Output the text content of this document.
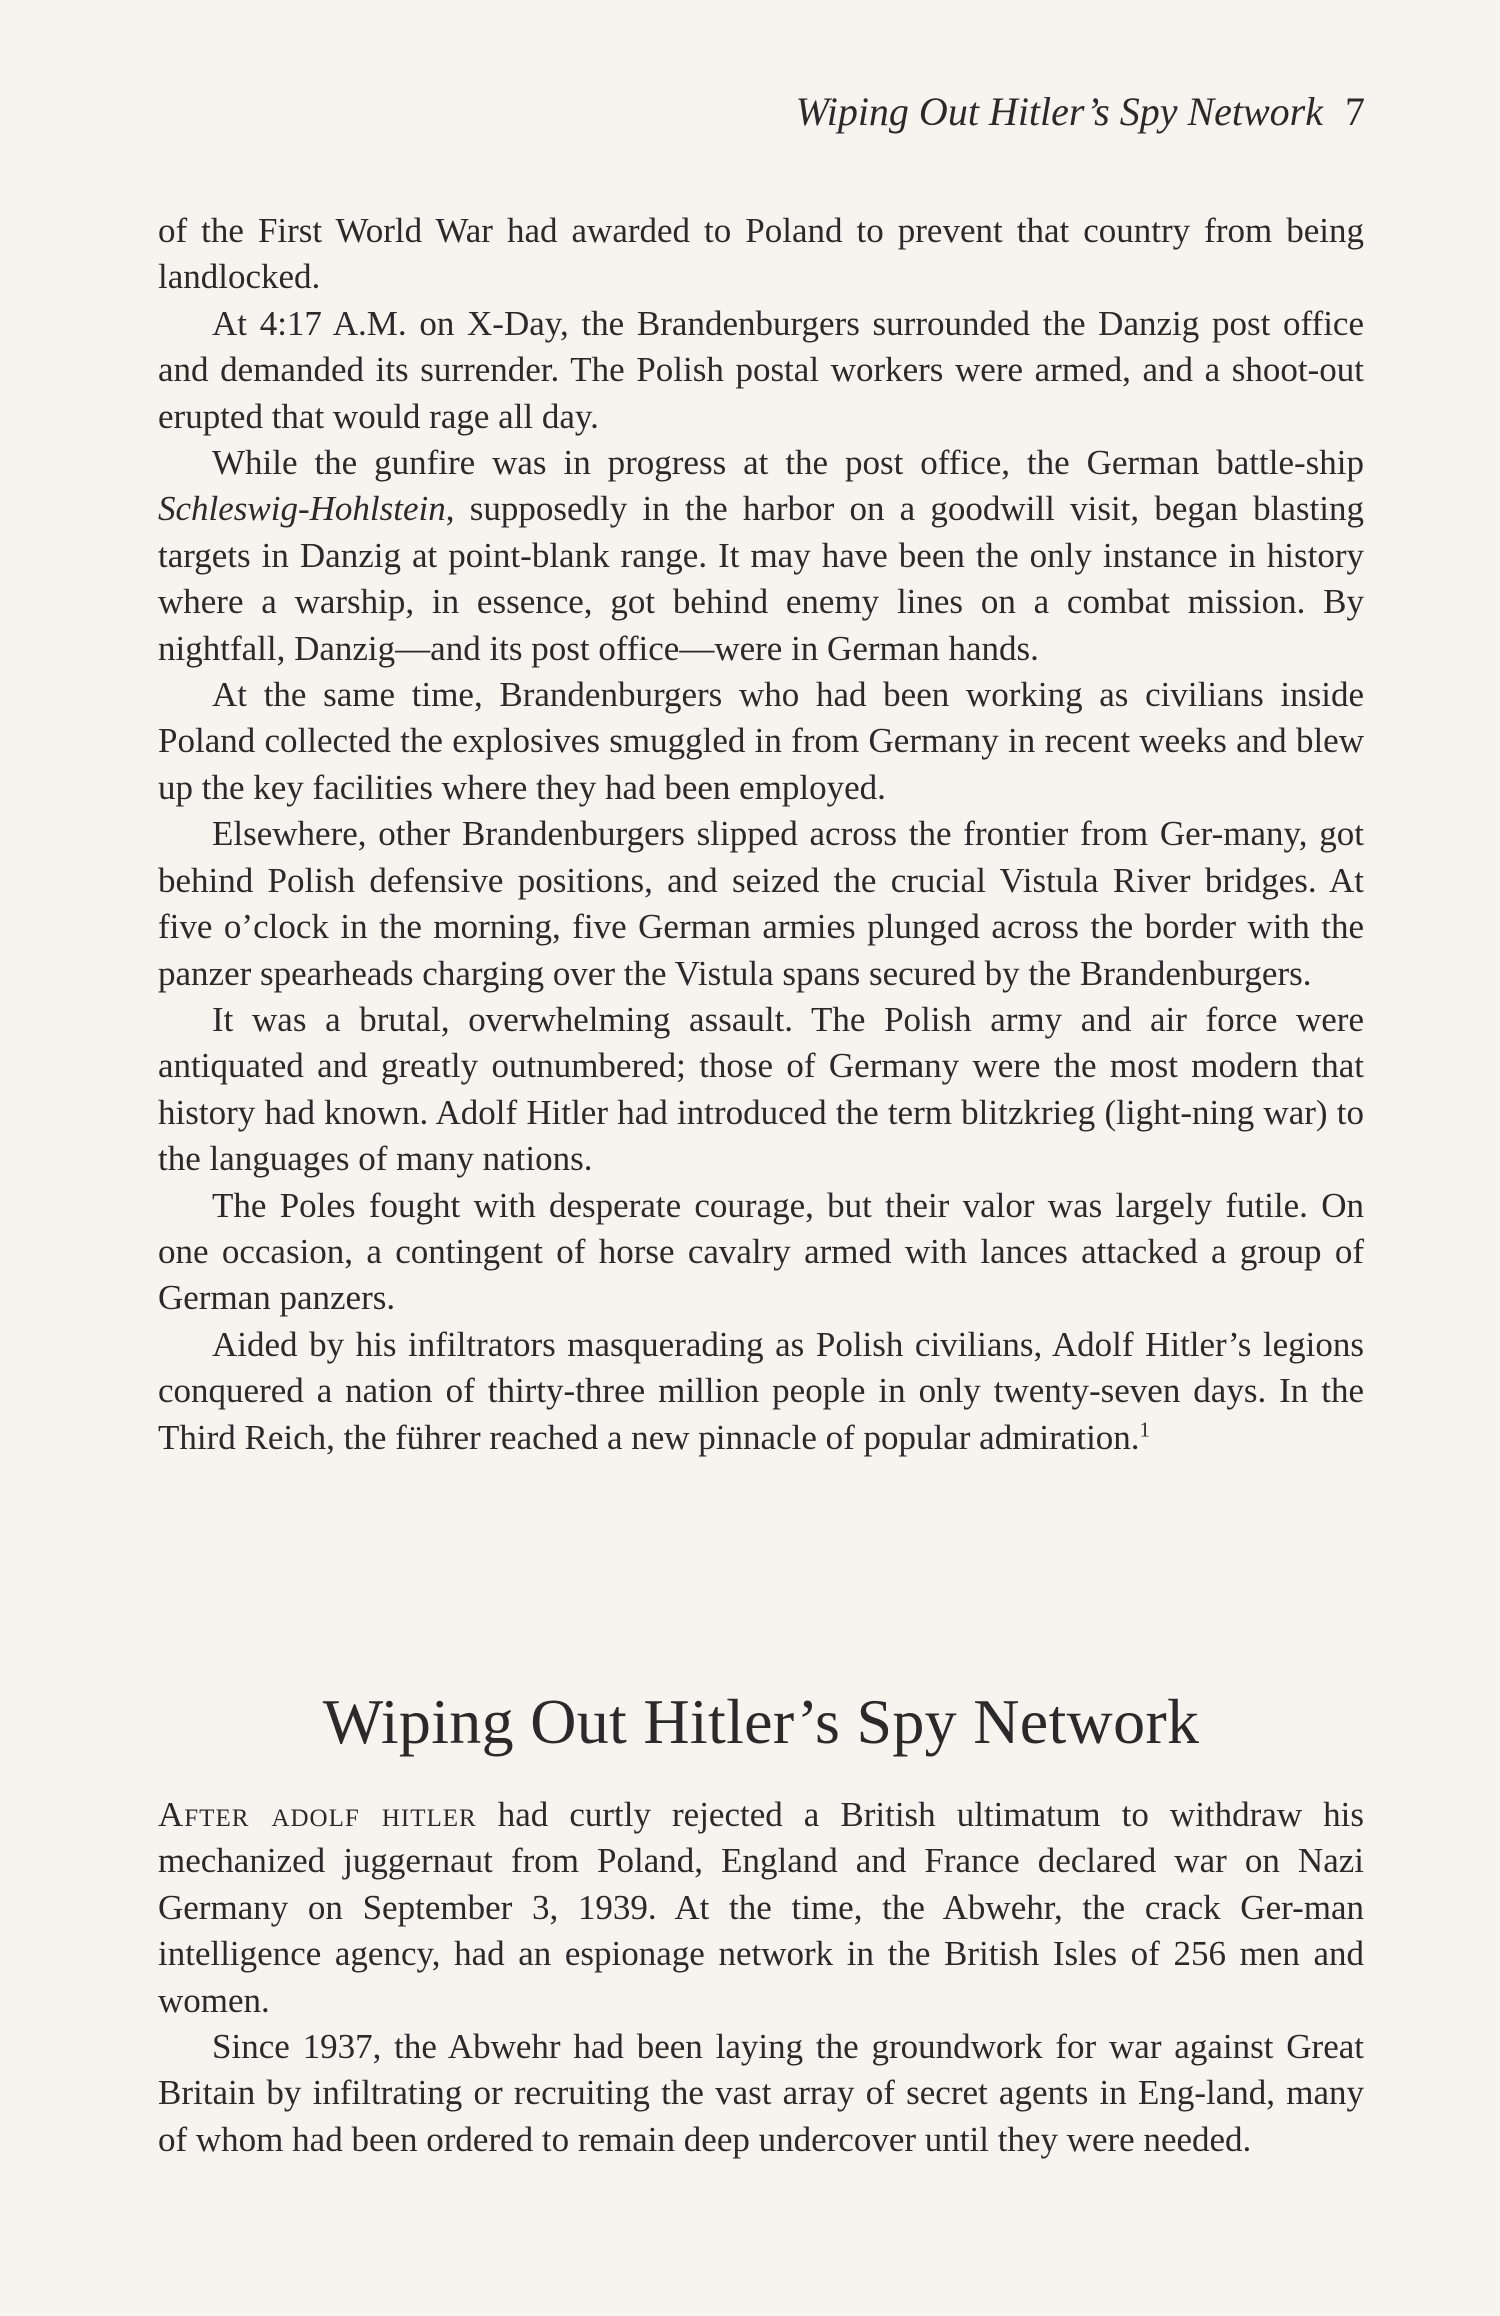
Wiping Out Hitler’s Spy Network 7

of the First World War had awarded to Poland to prevent that country from being landlocked.

At 4:17 A.M. on X-Day, the Brandenburgers surrounded the Danzig post office and demanded its surrender. The Polish postal workers were armed, and a shoot-out erupted that would rage all day.

While the gunfire was in progress at the post office, the German battle-ship Schleswig-Hohlstein, supposedly in the harbor on a goodwill visit, began blasting targets in Danzig at point-blank range. It may have been the only instance in history where a warship, in essence, got behind enemy lines on a combat mission. By nightfall, Danzig—and its post office—were in German hands.

At the same time, Brandenburgers who had been working as civilians inside Poland collected the explosives smuggled in from Germany in recent weeks and blew up the key facilities where they had been employed.

Elsewhere, other Brandenburgers slipped across the frontier from Ger-many, got behind Polish defensive positions, and seized the crucial Vistula River bridges. At five o’clock in the morning, five German armies plunged across the border with the panzer spearheads charging over the Vistula spans secured by the Brandenburgers.

It was a brutal, overwhelming assault. The Polish army and air force were antiquated and greatly outnumbered; those of Germany were the most modern that history had known. Adolf Hitler had introduced the term blitzkrieg (light-ning war) to the languages of many nations.

The Poles fought with desperate courage, but their valor was largely futile. On one occasion, a contingent of horse cavalry armed with lances attacked a group of German panzers.

Aided by his infiltrators masquerading as Polish civilians, Adolf Hitler’s legions conquered a nation of thirty-three million people in only twenty-seven days. In the Third Reich, the führer reached a new pinnacle of popular admiration.$^1$

Wiping Out Hitler’s Spy Network

After adolf hitler had curtly rejected a British ultimatum to withdraw his mechanized juggernaut from Poland, England and France declared war on Nazi Germany on September 3, 1939. At the time, the Abwehr, the crack Ger-man intelligence agency, had an espionage network in the British Isles of 256 men and women.

Since 1937, the Abwehr had been laying the groundwork for war against Great Britain by infiltrating or recruiting the vast array of secret agents in Eng-land, many of whom had been ordered to remain deep undercover until they were needed.
